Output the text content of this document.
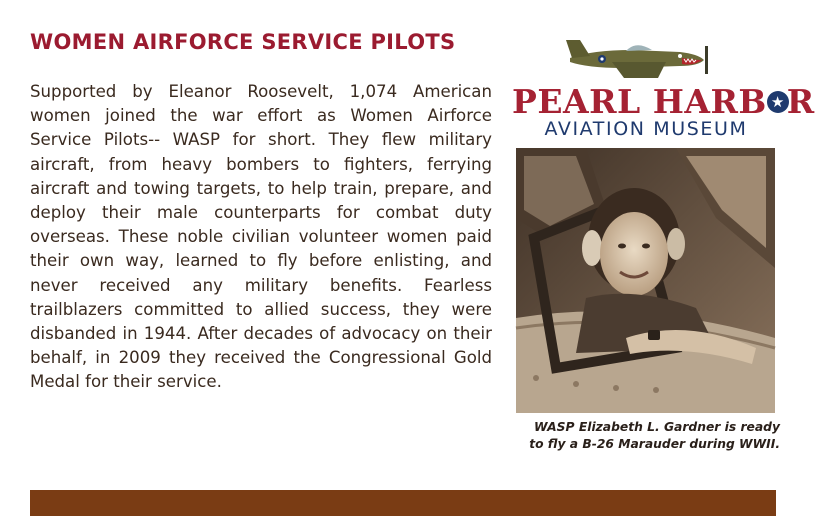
WOMEN AIRFORCE SERVICE PILOTS

Supported by Eleanor Roosevelt, 1,074 American women joined the war effort as Women Airforce Service Pilots-- WASP for short. They flew military aircraft, from heavy bombers to fighters, ferrying aircraft and towing targets, to help train, prepare, and deploy their male counterparts for combat duty overseas. These noble civilian volunteer women paid their own way, learned to fly before enlisting, and never received any military benefits. Fearless trailblazers committed to allied success, they were disbanded in 1944. After decades of advocacy on their behalf, in 2009 they received the Congressional Gold Medal for their service.

PEARL HARB ★R
AVIATION MUSEUM

WASP Elizabeth L. Gardner is ready
to fly a B-26 Marauder during WWII.
